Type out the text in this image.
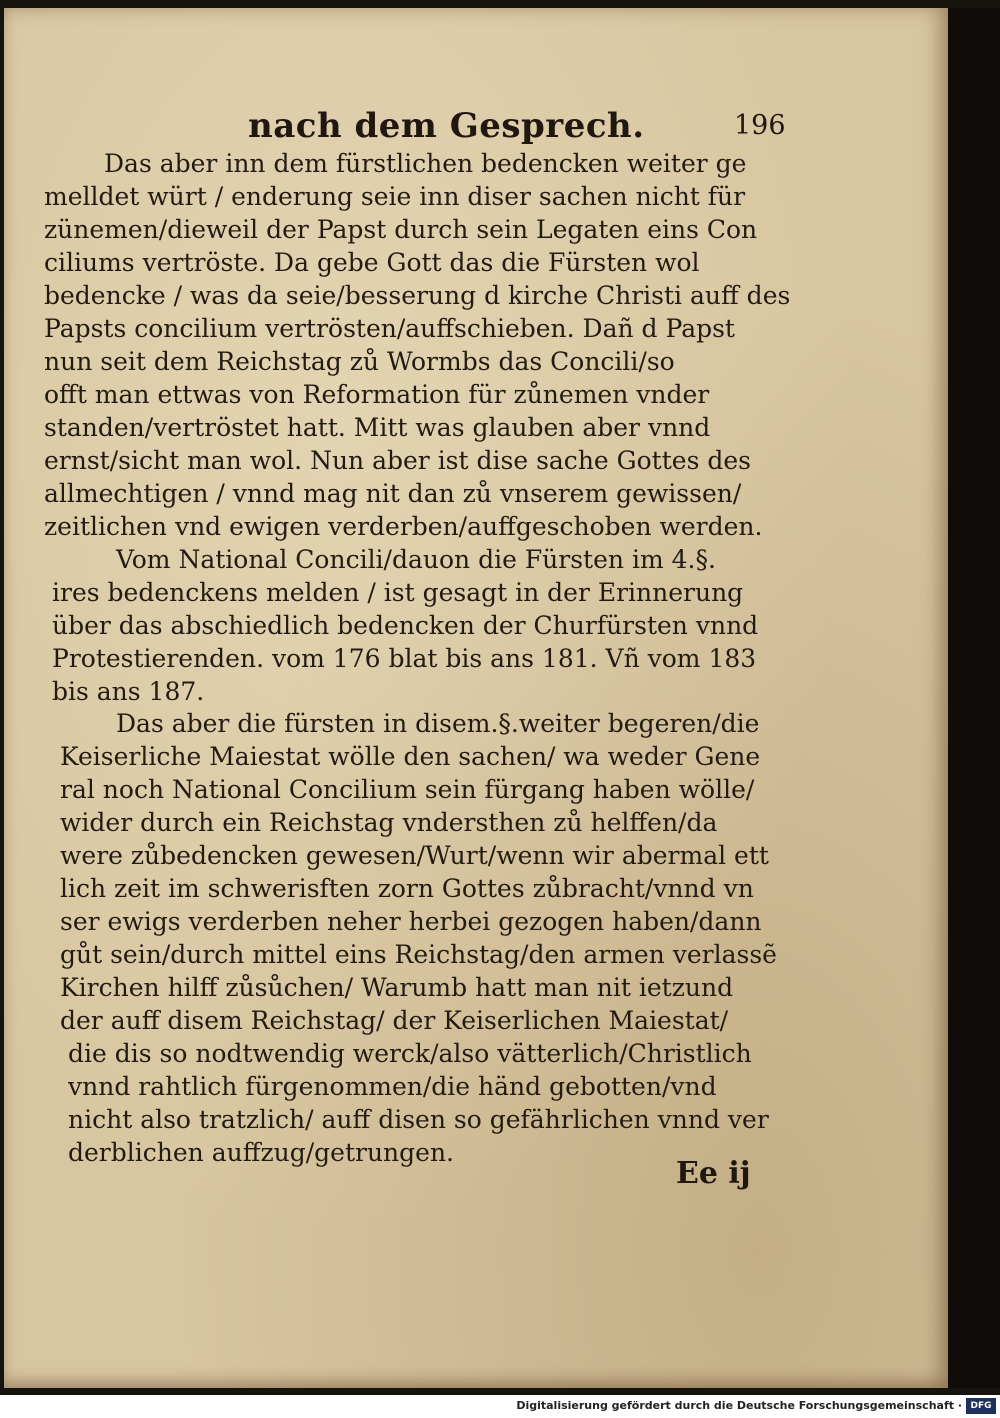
nach dem Gesprech.	196
Das aber inn dem fürstlichen bedencken weiter ge
melldet würt / enderung seie inn diser sachen nicht für
zünemen/dieweil der Papst durch sein Legaten eins Con
ciliums vertröste. Da gebe Gott das die Fürsten wol
bedencke / was da seie/besserung d kirche Christi auff des
Papsts concilium vertrösten/auffschieben. Dañ d Papst
nun seit dem Reichstag zů Wormbs das Concili/so
offt man ettwas von Reformation für zůnemen vnder
standen/vertröstet hatt. Mitt was glauben aber vnnd
ernst/sicht man wol. Nun aber ist dise sache Gottes des
allmechtigen / vnnd mag nit dan zů vnserem gewissen/
zeitlichen vnd ewigen verderben/auffgeschoben werden.
Vom National Concili/dauon die Fürsten im 4.§.
ires bedenckens melden / ist gesagt in der Erinnerung
über das abschiedlich bedencken der Churfürsten vnnd
Protestierenden. vom 176 blat bis ans 181. Vñ vom 183
bis ans 187.
Das aber die fürsten in disem.§.weiter begeren/die
Keiserliche Maiestat wölle den sachen/ wa weder Gene
ral noch National Concilium sein fürgang haben wölle/
wider durch ein Reichstag vndersthen zů helffen/da
were zůbedencken gewesen/Wurt/wenn wir abermal ett
lich zeit im schwerisften zorn Gottes zůbracht/vnnd vn
ser ewigs verderben neher herbei gezogen haben/dann
gůt sein/durch mittel eins Reichstag/den armen verlassẽ
Kirchen hilff zůsůchen/ Warumb hatt man nit ietzund
der auff disem Reichstag/ der Keiserlichen Maiestat/
die dis so nodtwendig werck/also vätterlich/Christlich
vnnd rahtlich fürgenommen/die händ gebotten/vnd
nicht also tratzlich/ auff disen so gefährlichen vnnd ver
derblichen auffzug/getrungen.
Ee ij
Digitalisierung gefördert durch die Deutsche Forschungsgemeinschaft · DFG
